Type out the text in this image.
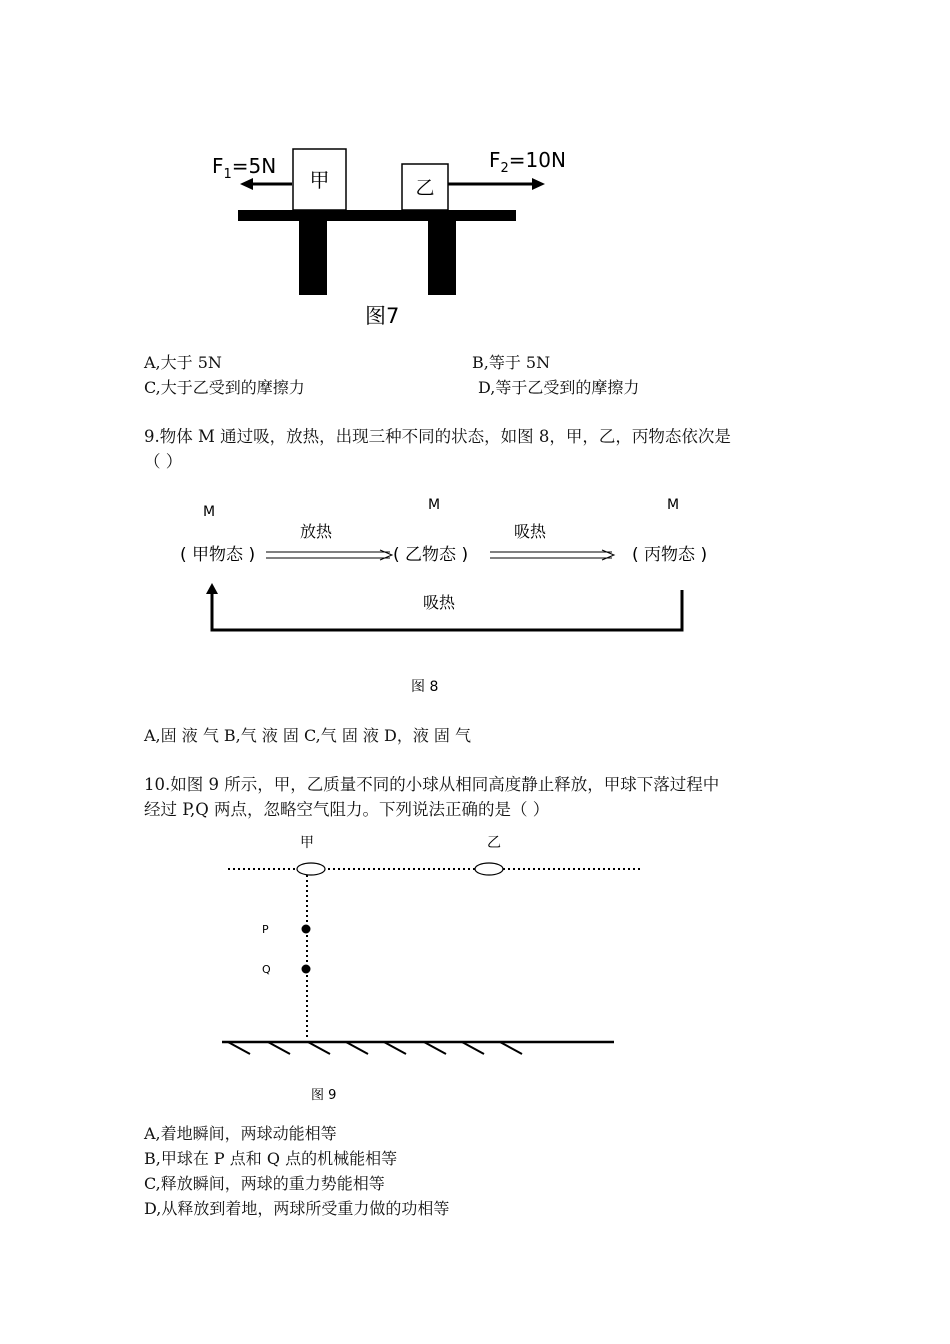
甲	乙
$F_1=5N$	$F_2=10N$
图7
A,大于 5N	B,等于 5N
C,大于乙受到的摩擦力	D,等于乙受到的摩擦力
9.物体 M 通过吸，放热，出现三种不同的状态，如图 8，甲，乙，丙物态依次是
（ ）
M	M	M
( 甲物态 )	( 乙物态 )	( 丙物态 )
放热	吸热
吸热
图 8
A,固 液 气 B,气 液 固 C,气 固 液 D，液 固 气
10.如图 9 所示，甲，乙质量不同的小球从相同高度静止释放，甲球下落过程中
经过 P,Q 两点，忽略空气阻力。下列说法正确的是（ ）
甲	乙
P
Q
图 9
A,着地瞬间，两球动能相等
B,甲球在 P 点和 Q 点的机械能相等
C,释放瞬间，两球的重力势能相等
D,从释放到着地，两球所受重力做的功相等
